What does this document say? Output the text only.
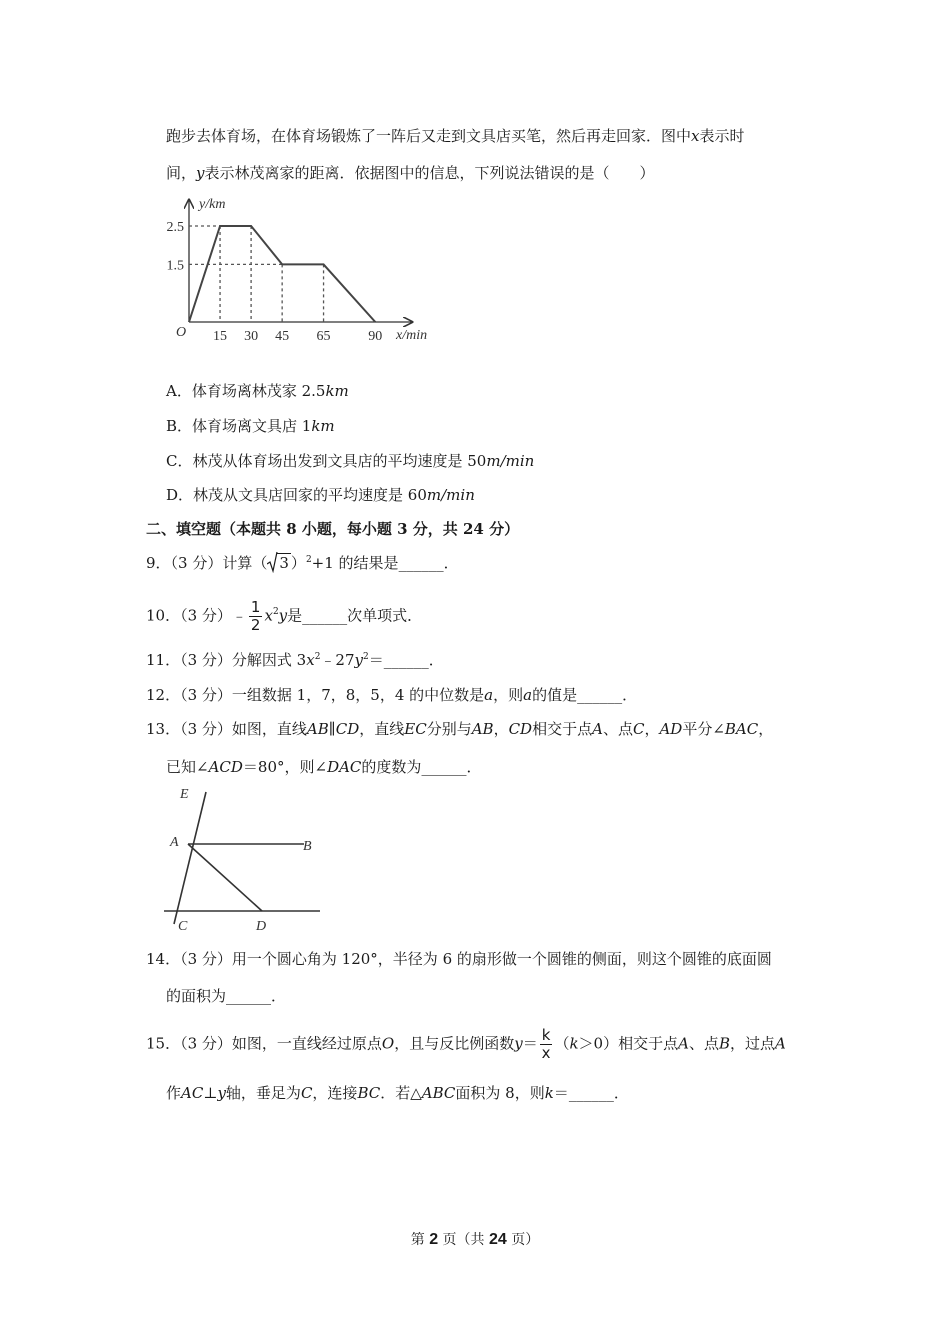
跑步去体育场，在体育场锻炼了一阵后又走到文具店买笔，然后再走回家．图中x表示时
间，y表示林茂离家的距离．依据图中的信息，下列说法错误的是（　　）
15 30 45 65	90
2.5
1.5
O	x/min
y/km
A．体育场离林茂家 2.5km
B．体育场离文具店 1km
C．林茂从体育场出发到文具店的平均速度是 50m/min
D．林茂从文具店回家的平均速度是 60m/min
二、填空题（本题共 8 小题，每小题 3 分，共 24 分）
9．（3 分）计算（ 3 ）$^2$+1 的结果是______．
10．（3 分）﹣ $\frac{1}{2} x^2y$是______次单项式．
11．（3 分）分解因式 $3x^2﹣27y^2=\_\_\_\_\_\_$．
12．（3 分）一组数据 1，7，8，5，4 的中位数是a，则a的值是______．
13．（3 分）如图，直线AB∥CD，直线EC分别与AB，CD相交于点A、点C，AD平分∠BAC，
已知∠ACD＝80°，则∠DAC的度数为______．
E
A	B
C	D
14．（3 分）用一个圆心角为 120°，半径为 6 的扇形做一个圆锥的侧面，则这个圆锥的底面圆
的面积为______．
15．（3 分）如图，一直线经过原点O，且与反比例函数$y= \frac{k}{x} (k>0)$相交于点A、点B，过点A
作AC⊥y轴，垂足为C，连接BC．若△ABC面积为 8，则k＝______．
第 2 页（共 24 页）
